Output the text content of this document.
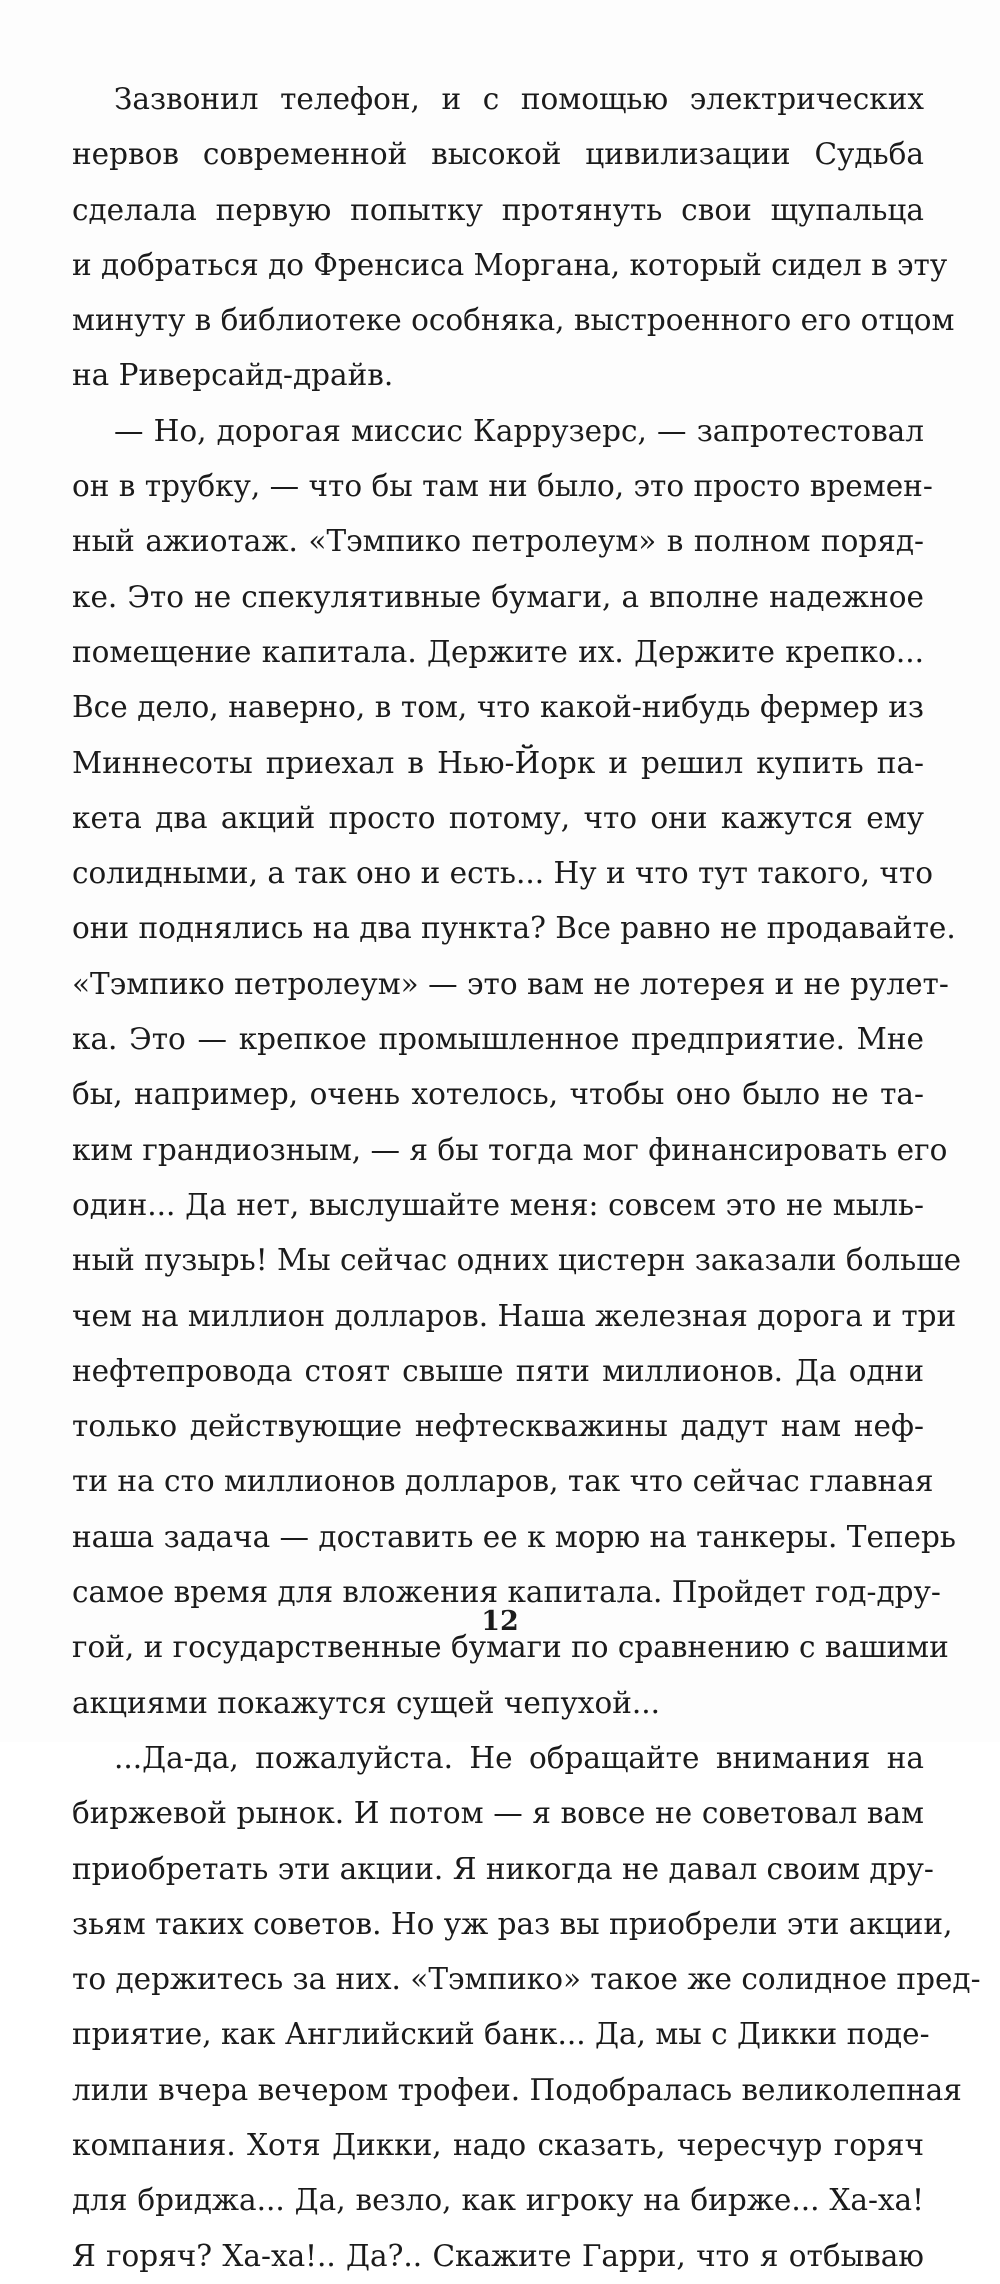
Зазвонил телефон, и с помощью электрических
нервов современной высокой цивилизации Судьба
сделала первую попытку протянуть свои щупальца
и добраться до Френсиса Моргана, который сидел в эту
минуту в библиотеке особняка, выстроенного его отцом
на Риверсайд-драйв.
— Но, дорогая миссис Каррузерс, — запротестовал
он в трубку, — что бы там ни было, это просто времен-
ный ажиотаж. «Тэмпико петролеум» в полном поряд-
ке. Это не спекулятивные бумаги, а вполне надежное
помещение капитала. Держите их. Держите крепко...
Все дело, наверно, в том, что какой-нибудь фермер из
Миннесоты приехал в Нью-Йорк и решил купить па-
кета два акций просто потому, что они кажутся ему
солидными, а так оно и есть... Ну и что тут такого, что
они поднялись на два пункта? Все равно не продавайте.
«Тэмпико петролеум» — это вам не лотерея и не рулет-
ка. Это — крепкое промышленное предприятие. Мне
бы, например, очень хотелось, чтобы оно было не та-
ким грандиозным, — я бы тогда мог финансировать его
один... Да нет, выслушайте меня: совсем это не мыль-
ный пузырь! Мы сейчас одних цистерн заказали больше
чем на миллион долларов. Наша железная дорога и три
нефтепровода стоят свыше пяти миллионов. Да одни
только действующие нефтескважины дадут нам неф-
ти на сто миллионов долларов, так что сейчас главная
наша задача — доставить ее к морю на танкеры. Теперь
самое время для вложения капитала. Пройдет год-дру-
гой, и государственные бумаги по сравнению с вашими
акциями покажутся сущей чепухой...
...Да-да, пожалуйста. Не обращайте внимания на
биржевой рынок. И потом — я вовсе не советовал вам
приобретать эти акции. Я никогда не давал своим дру-
зьям таких советов. Но уж раз вы приобрели эти акции,
то держитесь за них. «Тэмпико» такое же солидное пред-
приятие, как Английский банк... Да, мы с Дикки поде-
лили вчера вечером трофеи. Подобралась великолепная
компания. Хотя Дикки, надо сказать, чересчур горяч
для бриджа... Да, везло, как игроку на бирже... Ха-ха!
Я горяч? Ха-ха!.. Да?.. Скажите Гарри, что я отбываю
12
